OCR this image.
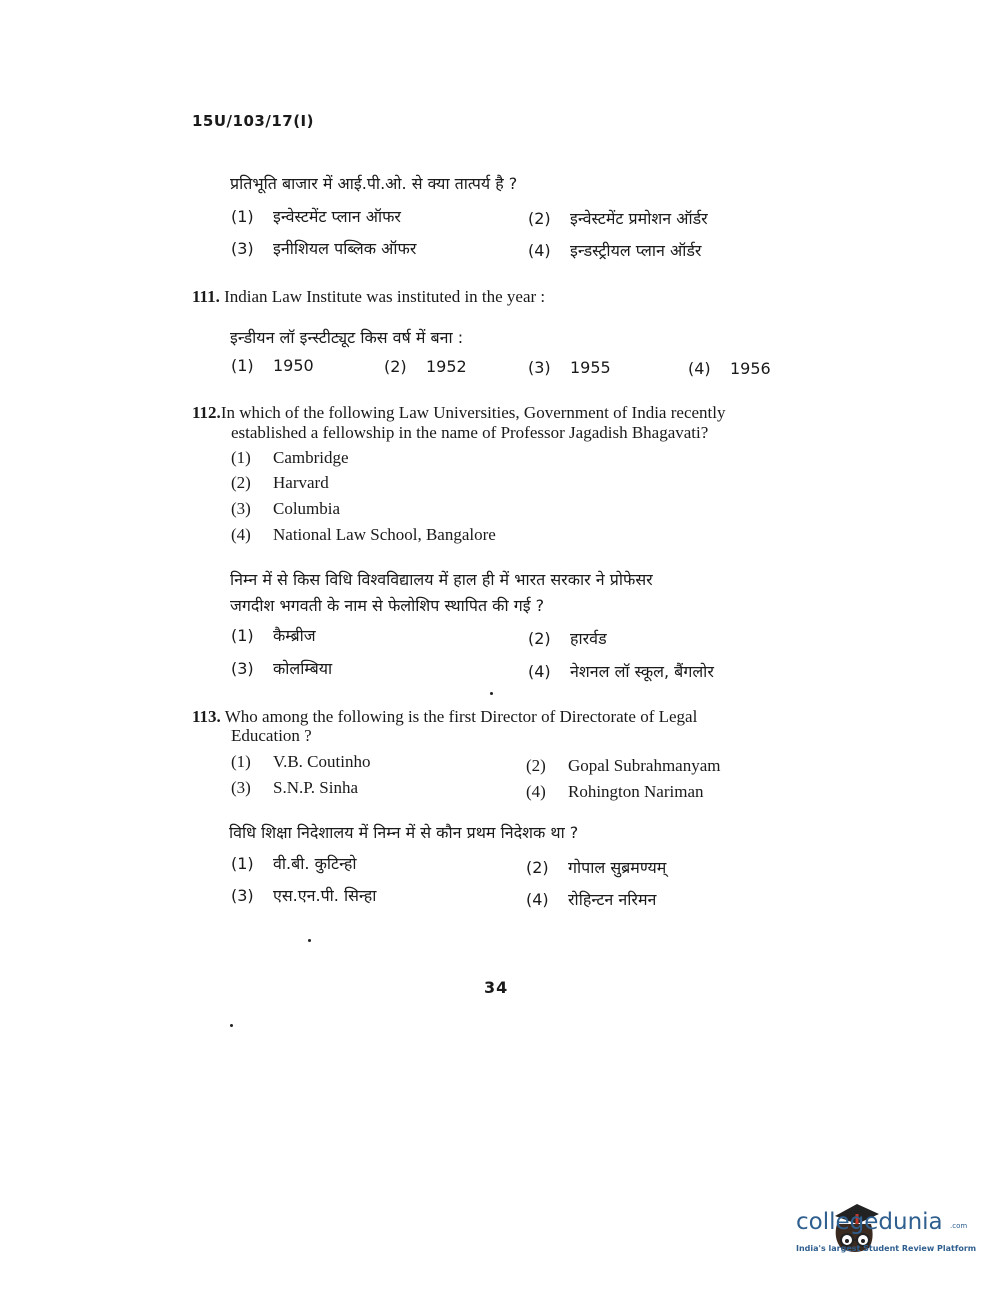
15U/103/17(I)
प्रतिभूति बाजार में आई.पी.ओ. से क्या तात्पर्य है ?
(1) इन्वेस्टमेंट प्लान ऑफर	(2) इन्वेस्टमेंट प्रमोशन ऑर्डर
(3) इनीशियल पब्लिक ऑफर	(4) इन्डस्ट्रीयल प्लान ऑर्डर
111. Indian Law Institute was instituted in the year :
इन्डीयन लॉ इन्स्टीट्यूट किस वर्ष में बना :
(1) 1950	(2) 1952	(3) 1955	(4) 1956
112.In which of the following Law Universities, Government of India recently
established a fellowship in the name of Professor Jagadish Bhagavati?
(1) Cambridge
(2) Harvard
(3) Columbia
(4) National Law School, Bangalore
निम्न में से किस विधि विश्वविद्यालय में हाल ही में भारत सरकार ने प्रोफेसर
जगदीश भगवती के नाम से फेलोशिप स्थापित की गई ?
(1) कैम्ब्रीज	(2) हारर्वड
(3) कोलम्बिया	(4) नेशनल लॉ स्कूल, बैंगलोर
113. Who among the following is the first Director of Directorate of Legal
Education ?
(1) V.B. Coutinho	(2) Gopal Subrahmanyam
(3) S.N.P. Sinha	(4) Rohington Nariman
विधि शिक्षा निदेशालय में निम्न में से कौन प्रथम निदेशक था ?
(1) वी.बी. कुटिन्हो	(2) गोपाल सुब्रमण्यम्
(3) एस.एन.पी. सिन्हा	(4) रोहिन्टन नरिमन
34
collegedunia .com
India's largest Student Review Platform
